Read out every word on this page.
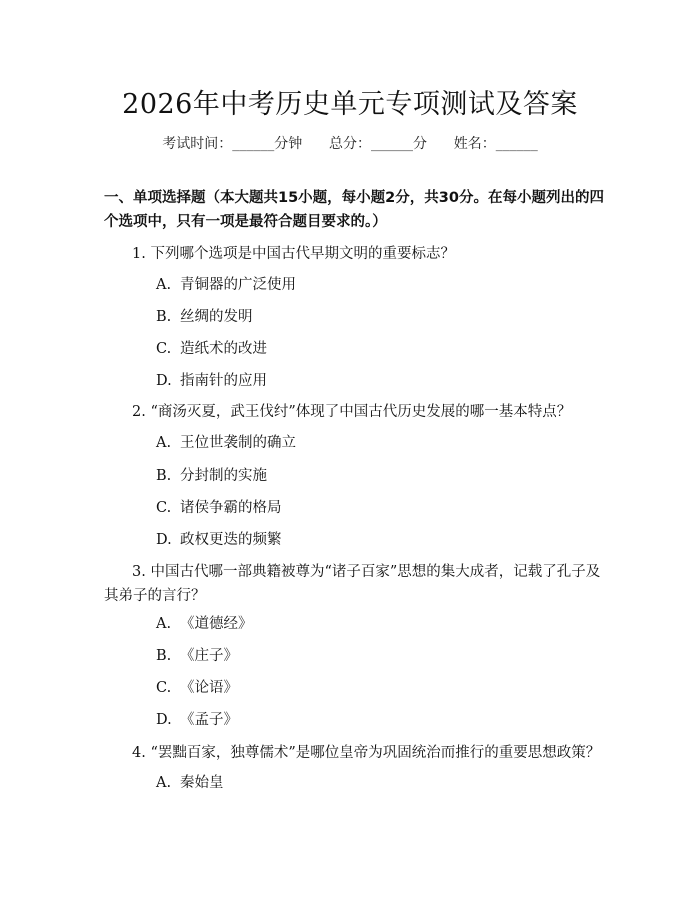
2026年中考历史单元专项测试及答案
考试时间：______分钟 总分：______分 姓名：______
一、单项选择题（本大题共15小题，每小题2分，共30分。在每小题列出的四个选项中，只有一项是最符合题目要求的。）
1. 下列哪个选项是中国古代早期文明的重要标志？
A. 青铜器的广泛使用
B. 丝绸的发明
C. 造纸术的改进
D. 指南针的应用
2. “商汤灭夏，武王伐纣”体现了中国古代历史发展的哪一基本特点？
A. 王位世袭制的确立
B. 分封制的实施
C. 诸侯争霸的格局
D. 政权更迭的频繁
3. 中国古代哪一部典籍被尊为“诸子百家”思想的集大成者，记载了孔子及其弟子的言行？
A. 《道德经》
B. 《庄子》
C. 《论语》
D. 《孟子》
4. “罢黜百家，独尊儒术”是哪位皇帝为巩固统治而推行的重要思想政策？
A. 秦始皇
